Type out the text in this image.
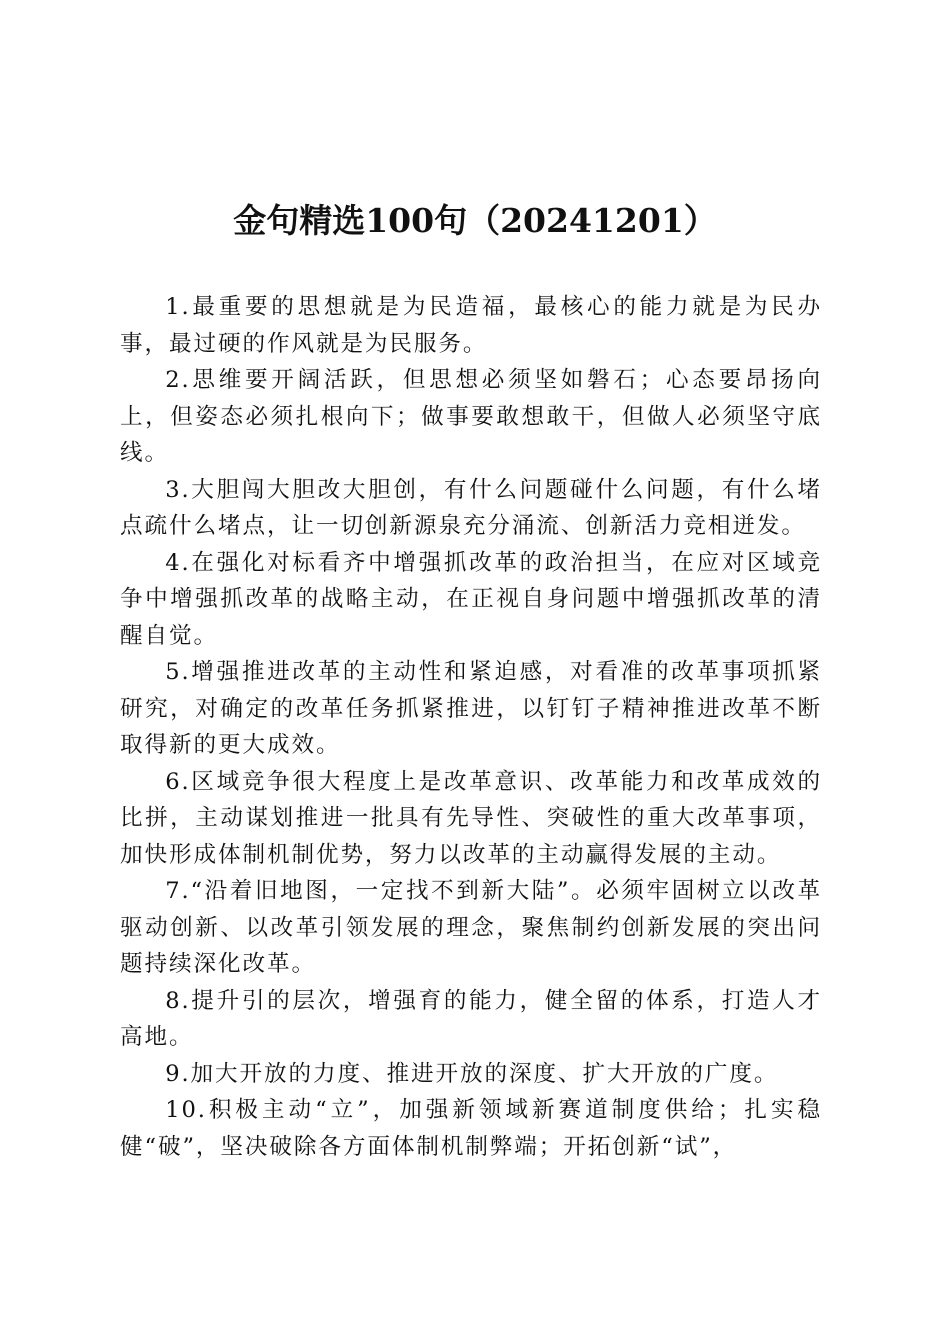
金句精选100句（20241201）

1.最重要的思想就是为民造福，最核心的能力就是为民办事，最过硬的作风就是为民服务。

2.思维要开阔活跃，但思想必须坚如磐石；心态要昂扬向上，但姿态必须扎根向下；做事要敢想敢干，但做人必须坚守底线。

3.大胆闯大胆改大胆创，有什么问题碰什么问题，有什么堵点疏什么堵点，让一切创新源泉充分涌流、创新活力竞相迸发。

4.在强化对标看齐中增强抓改革的政治担当，在应对区域竞争中增强抓改革的战略主动，在正视自身问题中增强抓改革的清醒自觉。

5.增强推进改革的主动性和紧迫感，对看准的改革事项抓紧研究，对确定的改革任务抓紧推进，以钉钉子精神推进改革不断取得新的更大成效。

6.区域竞争很大程度上是改革意识、改革能力和改革成效的比拼，主动谋划推进一批具有先导性、突破性的重大改革事项，加快形成体制机制优势，努力以改革的主动赢得发展的主动。

7.“沿着旧地图，一定找不到新大陆”。必须牢固树立以改革驱动创新、以改革引领发展的理念，聚焦制约创新发展的突出问题持续深化改革。

8.提升引的层次，增强育的能力，健全留的体系，打造人才高地。

9.加大开放的力度、推进开放的深度、扩大开放的广度。

10.积极主动“立”，加强新领域新赛道制度供给；扎实稳健“破”，坚决破除各方面体制机制弊端；开拓创新“试”，
